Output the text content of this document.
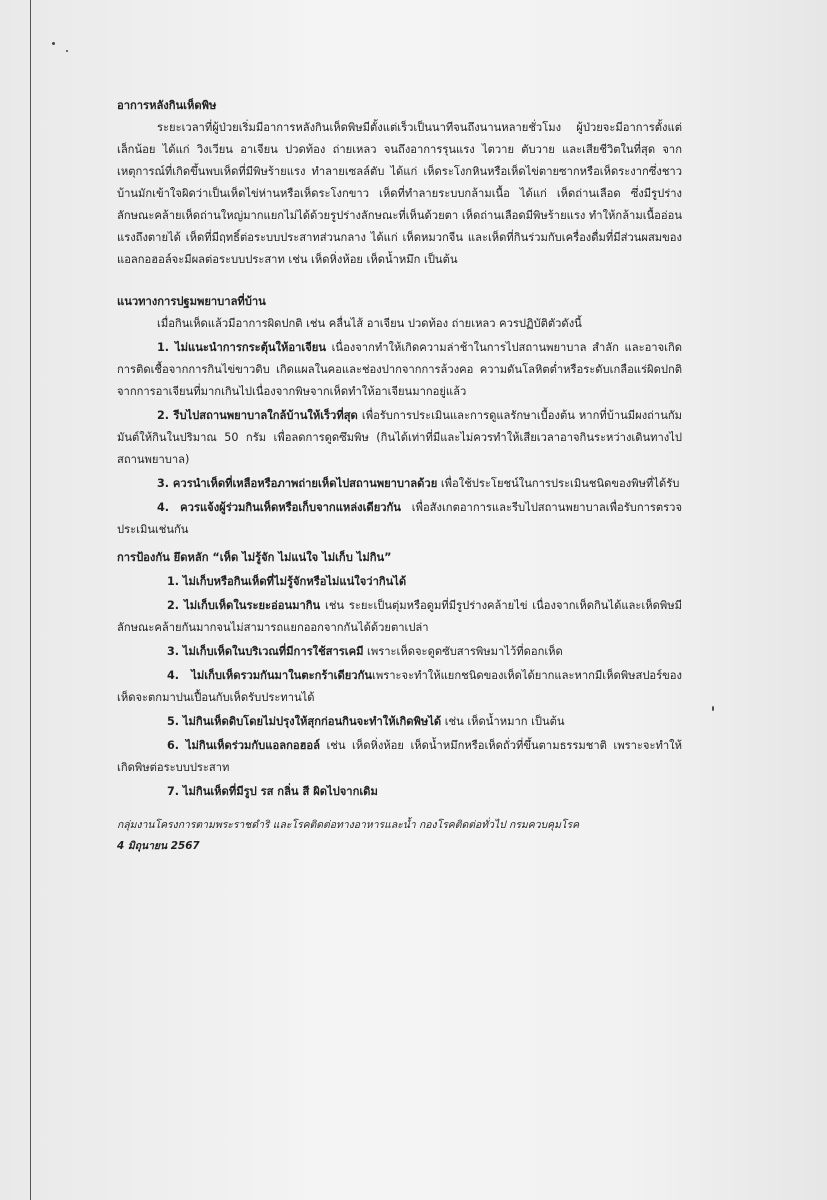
อาการหลังกินเห็ดพิษ

ระยะเวลาที่ผู้ป่วยเริ่มมีอาการหลังกินเห็ดพิษมีตั้งแต่เร็วเป็นนาทีจนถึงนานหลายชั่วโมง ผู้ป่วยจะมีอาการตั้งแต่เล็กน้อย ได้แก่ วิงเวียน อาเจียน ปวดท้อง ถ่ายเหลว จนถึงอาการรุนแรง ไตวาย ตับวาย และเสียชีวิตในที่สุด จากเหตุการณ์ที่เกิดขึ้นพบเห็ดที่มีพิษร้ายแรง ทำลายเซลล์ตับ ได้แก่ เห็ดระโงกหินหรือเห็ดไข่ตายซากหรือเห็ดระงากซึ่งชาวบ้านมักเข้าใจผิดว่าเป็นเห็ดไข่ห่านหรือเห็ดระโงกขาว เห็ดที่ทำลายระบบกล้ามเนื้อ ได้แก่ เห็ดถ่านเลือด ซึ่งมีรูปร่างลักษณะคล้ายเห็ดถ่านใหญ่มากแยกไม่ได้ด้วยรูปร่างลักษณะที่เห็นด้วยตา เห็ดถ่านเลือดมีพิษร้ายแรง ทำให้กล้ามเนื้ออ่อนแรงถึงตายได้ เห็ดที่มีฤทธิ์ต่อระบบประสาทส่วนกลาง ได้แก่ เห็ดหมวกจีน และเห็ดที่กินร่วมกับเครื่องดื่มที่มีส่วนผสมของแอลกอฮอล์จะมีผลต่อระบบประสาท เช่น เห็ดหิ่งห้อย เห็ดน้ำหมึก เป็นต้น

แนวทางการปฐมพยาบาลที่บ้าน

เมื่อกินเห็ดแล้วมีอาการผิดปกติ เช่น คลื่นไส้ อาเจียน ปวดท้อง ถ่ายเหลว ควรปฏิบัติตัวดังนี้

1. ไม่แนะนำการกระตุ้นให้อาเจียน เนื่องจากทำให้เกิดความล่าช้าในการไปสถานพยาบาล สำลัก และอาจเกิดการติดเชื้อจากการกินไข่ขาวดิบ เกิดแผลในคอและช่องปากจากการล้วงคอ ความดันโลหิตต่ำหรือระดับเกลือแร่ผิดปกติจากการอาเจียนที่มากเกินไปเนื่องจากพิษจากเห็ดทำให้อาเจียนมากอยู่แล้ว

2. รีบไปสถานพยาบาลใกล้บ้านให้เร็วที่สุด เพื่อรับการประเมินและการดูแลรักษาเบื้องต้น หากที่บ้านมีผงถ่านกัมมันต์ให้กินในปริมาณ 50 กรัม เพื่อลดการดูดซึมพิษ (กินได้เท่าที่มีและไม่ควรทำให้เสียเวลาอาจกินระหว่างเดินทางไปสถานพยาบาล)

3. ควรนำเห็ดที่เหลือหรือภาพถ่ายเห็ดไปสถานพยาบาลด้วย เพื่อใช้ประโยชน์ในการประเมินชนิดของพิษที่ได้รับ

4. ควรแจ้งผู้ร่วมกินเห็ดหรือเก็บจากแหล่งเดียวกัน เพื่อสังเกตอาการและรีบไปสถานพยาบาลเพื่อรับการตรวจประเมินเช่นกัน

การป้องกัน ยึดหลัก “เห็ด ไม่รู้จัก ไม่แน่ใจ ไม่เก็บ ไม่กิน”

1. ไม่เก็บหรือกินเห็ดที่ไม่รู้จักหรือไม่แน่ใจว่ากินได้

2. ไม่เก็บเห็ดในระยะอ่อนมากิน เช่น ระยะเป็นตุ่มหรือดูมที่มีรูปร่างคล้ายไข่ เนื่องจากเห็ดกินได้และเห็ดพิษมีลักษณะคล้ายกันมากจนไม่สามารถแยกออกจากกันได้ด้วยตาเปล่า

3. ไม่เก็บเห็ดในบริเวณที่มีการใช้สารเคมี เพราะเห็ดจะดูดซับสารพิษมาไว้ที่ดอกเห็ด

4. ไม่เก็บเห็ดรวมกันมาในตะกร้าเดียวกันเพราะจะทำให้แยกชนิดของเห็ดได้ยากและหากมีเห็ดพิษสปอร์ของเห็ดจะตกมาปนเปื้อนกับเห็ดรับประทานได้

5. ไม่กินเห็ดดิบโดยไม่ปรุงให้สุกก่อนกินจะทำให้เกิดพิษได้ เช่น เห็ดน้ำหมาก เป็นต้น

6. ไม่กินเห็ดร่วมกับแอลกอฮอล์ เช่น เห็ดหิ่งห้อย เห็ดน้ำหมึกหรือเห็ดถั่วที่ขึ้นตามธรรมชาติ เพราะจะทำให้เกิดพิษต่อระบบประสาท

7. ไม่กินเห็ดที่มีรูป รส กลิ่น สี ผิดไปจากเดิม

กลุ่มงานโครงการตามพระราชดำริ และโรคติดต่อทางอาหารและน้ำ กองโรคติดต่อทั่วไป กรมควบคุมโรค
4 มิถุนายน 2567
